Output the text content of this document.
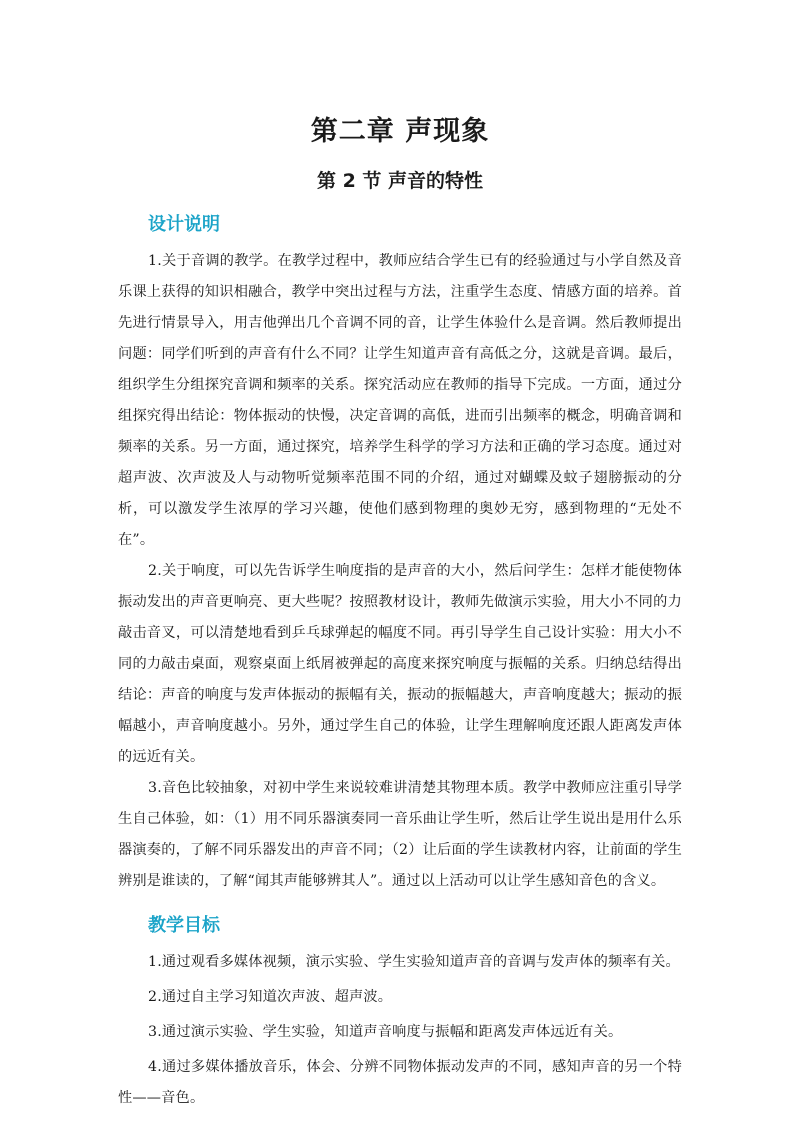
第二章 声现象
第 2 节 声音的特性
设计说明

1.关于音调的教学。在教学过程中，教师应结合学生已有的经验通过与小学自然及音乐课上获得的知识相融合，教学中突出过程与方法，注重学生态度、情感方面的培养。首先进行情景导入，用吉他弹出几个音调不同的音，让学生体验什么是音调。然后教师提出问题：同学们听到的声音有什么不同？让学生知道声音有高低之分，这就是音调。最后，组织学生分组探究音调和频率的关系。探究活动应在教师的指导下完成。一方面，通过分组探究得出结论：物体振动的快慢，决定音调的高低，进而引出频率的概念，明确音调和频率的关系。另一方面，通过探究，培养学生科学的学习方法和正确的学习态度。通过对超声波、次声波及人与动物听觉频率范围不同的介绍，通过对蝴蝶及蚊子翅膀振动的分析，可以激发学生浓厚的学习兴趣，使他们感到物理的奥妙无穷，感到物理的“无处不在”。

2.关于响度，可以先告诉学生响度指的是声音的大小，然后问学生：怎样才能使物体振动发出的声音更响亮、更大些呢？按照教材设计，教师先做演示实验，用大小不同的力敲击音叉，可以清楚地看到乒乓球弹起的幅度不同。再引导学生自己设计实验：用大小不同的力敲击桌面，观察桌面上纸屑被弹起的高度来探究响度与振幅的关系。归纳总结得出结论：声音的响度与发声体振动的振幅有关，振动的振幅越大，声音响度越大；振动的振幅越小，声音响度越小。另外，通过学生自己的体验，让学生理解响度还跟人距离发声体的远近有关。

3.音色比较抽象，对初中学生来说较难讲清楚其物理本质。教学中教师应注重引导学生自己体验，如：（1）用不同乐器演奏同一音乐曲让学生听，然后让学生说出是用什么乐器演奏的，了解不同乐器发出的声音不同；（2）让后面的学生读教材内容，让前面的学生辨别是谁读的，了解“闻其声能够辨其人”。通过以上活动可以让学生感知音色的含义。

教学目标

1.通过观看多媒体视频，演示实验、学生实验知道声音的音调与发声体的频率有关。

2.通过自主学习知道次声波、超声波。

3.通过演示实验、学生实验，知道声音响度与振幅和距离发声体远近有关。

4.通过多媒体播放音乐，体会、分辨不同物体振动发声的不同，感知声音的另一个特性——音色。
